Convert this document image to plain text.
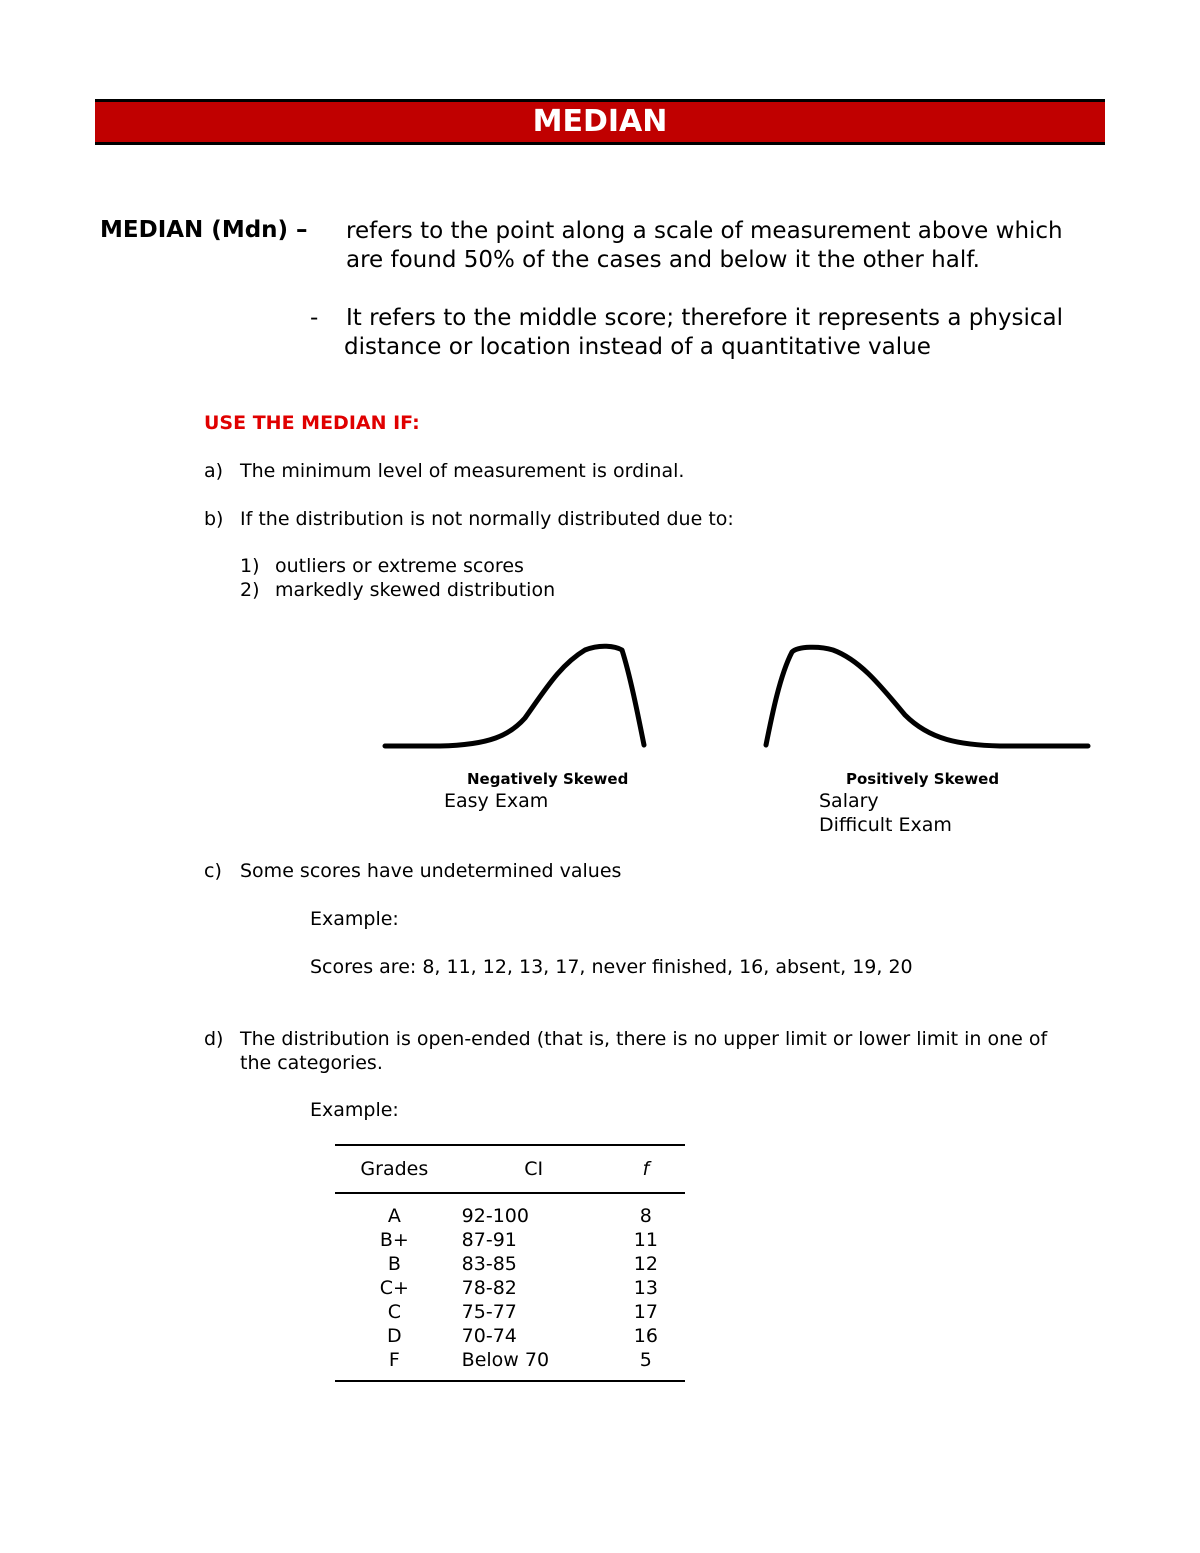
MEDIAN
MEDIAN (Mdn) – refers to the point along a scale of measurement above which
are found 50% of the cases and below it the other half.
- It refers to the middle score; therefore it represents a physical
distance or location instead of a quantitative value
USE THE MEDIAN IF:
a) The minimum level of measurement is ordinal.
b) If the distribution is not normally distributed due to:
1) outliers or extreme scores
2) markedly skewed distribution
Negatively Skewed
Easy Exam
Positively Skewed
Salary
Difficult Exam
c) Some scores have undetermined values
Example:
Scores are: 8, 11, 12, 13, 17, never finished, 16, absent, 19, 20
d) The distribution is open-ended (that is, there is no upper limit or lower limit in one of
the categories.
Example:
Grades	CI	f
A	92-100	8
B+	87-91	11
B	83-85	12
C+	78-82	13
C	75-77	17
D	70-74	16
F	Below 70	5
